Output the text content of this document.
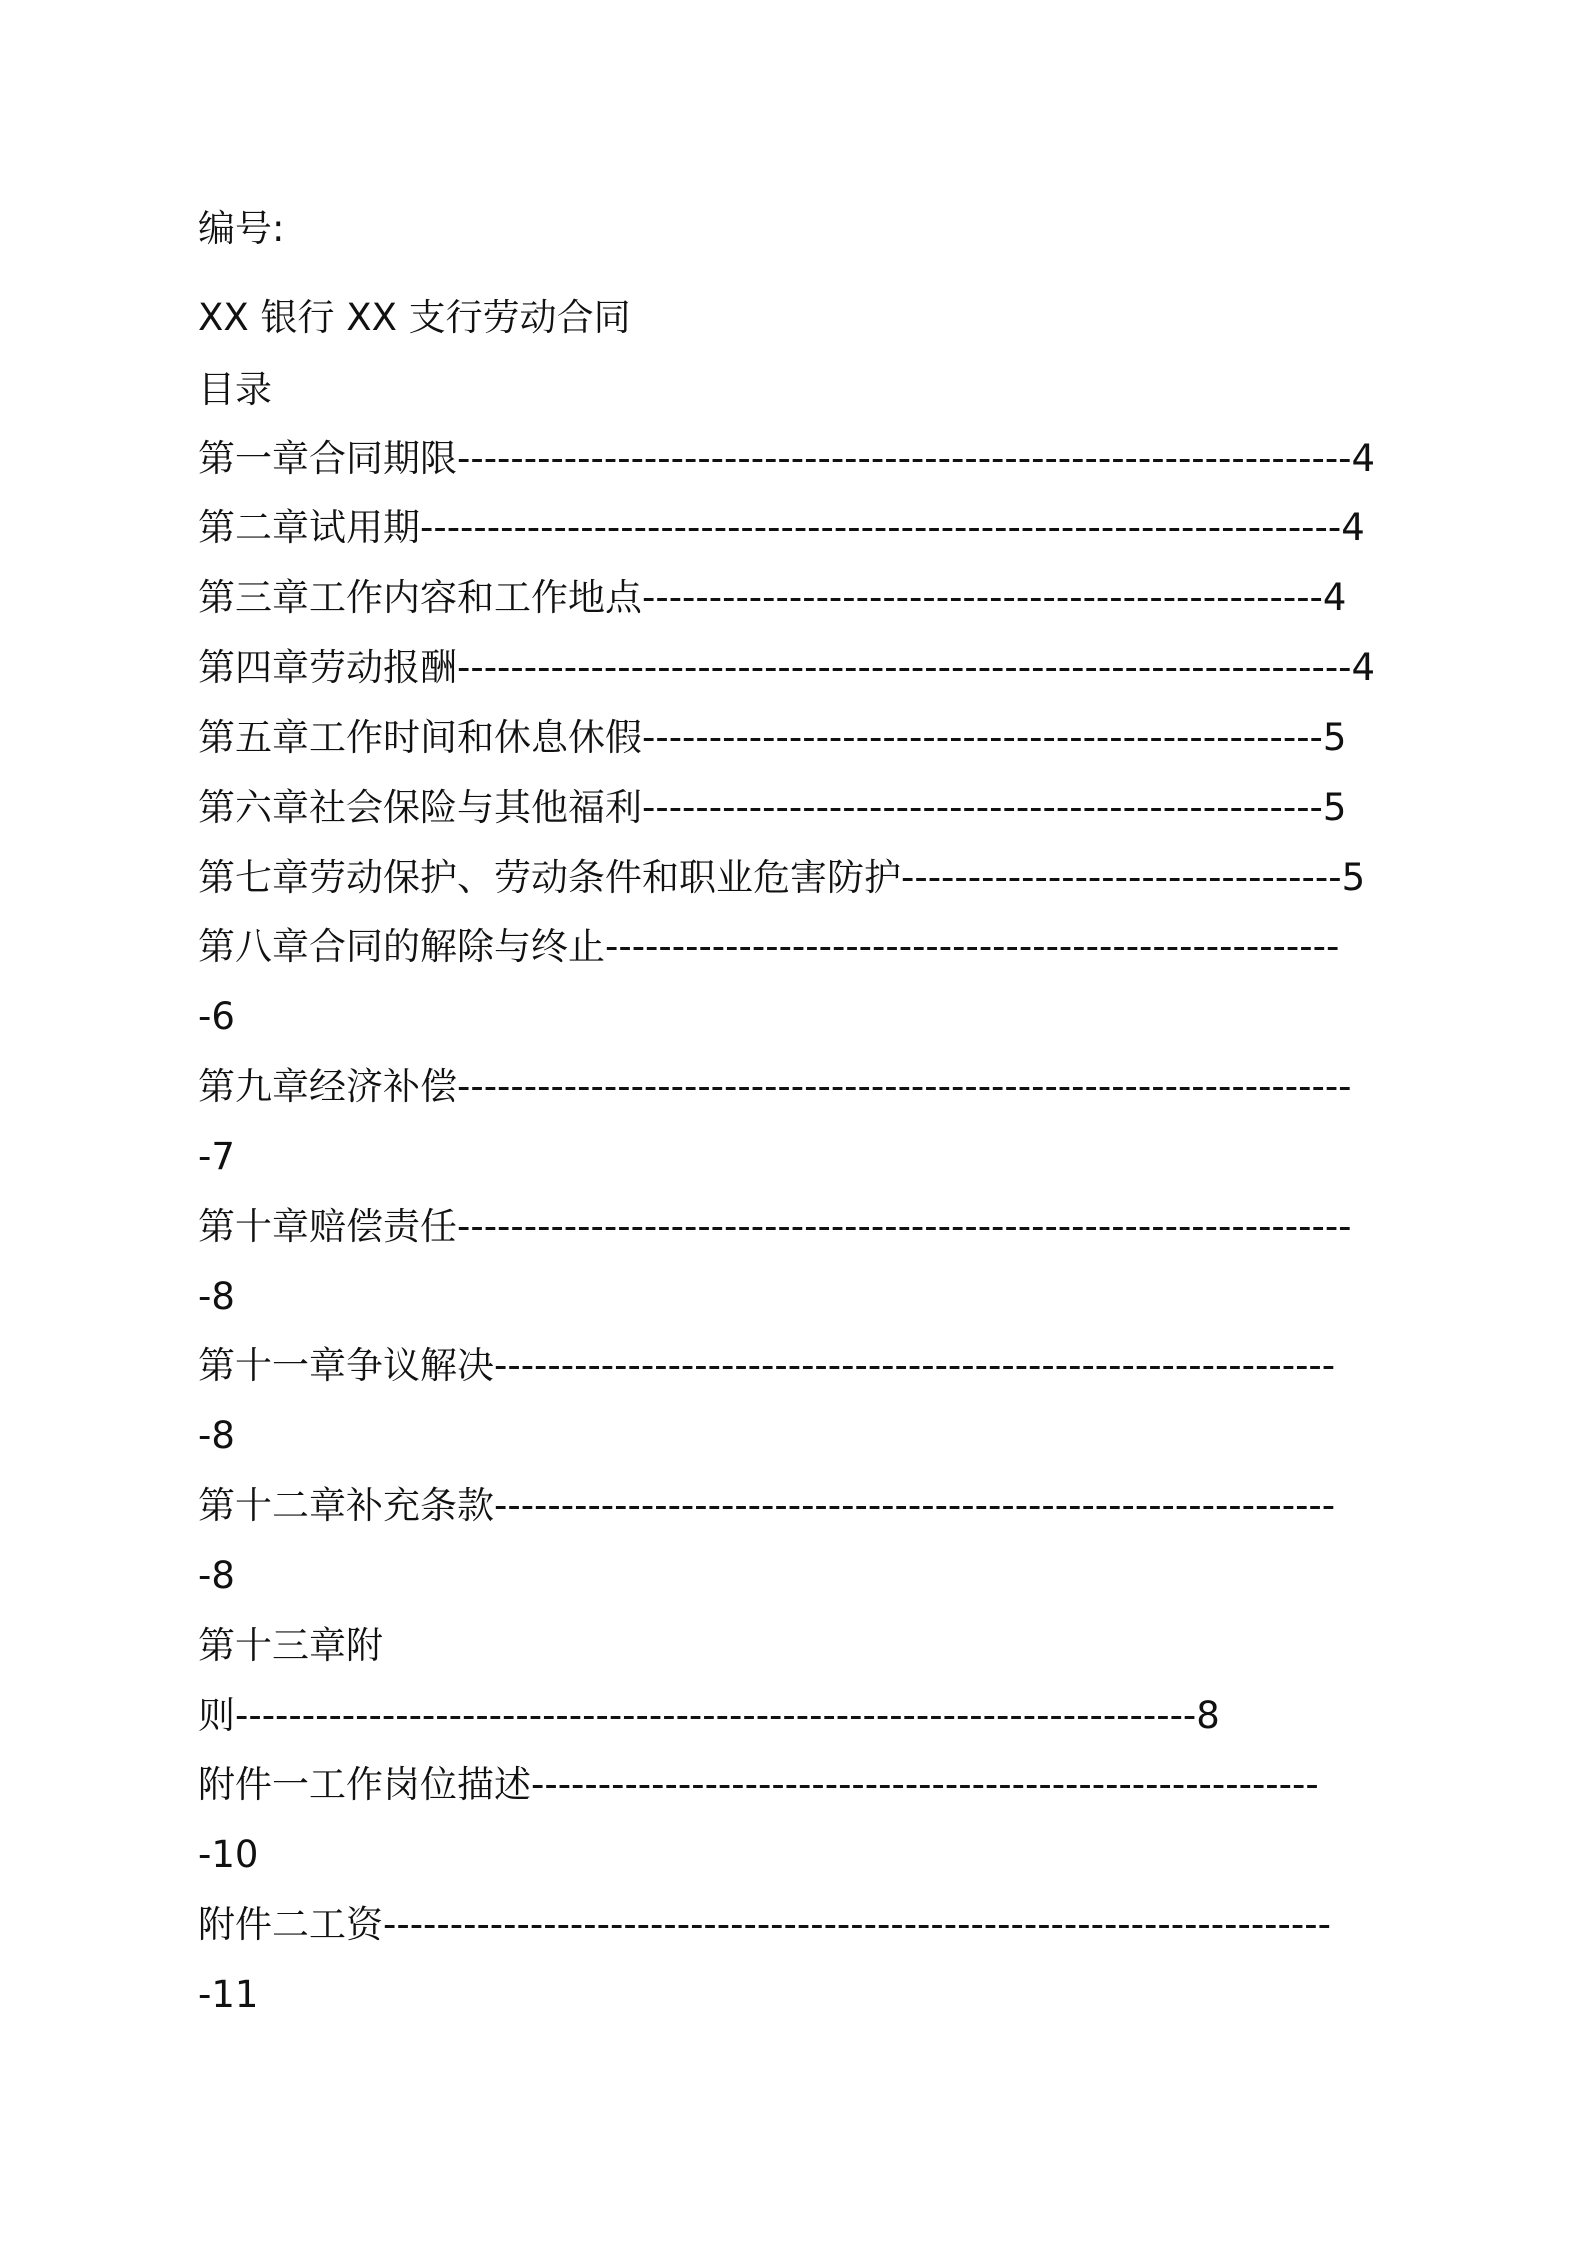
编号:
XX 银行 XX 支行劳动合同
目录
第一章合同期限-------------------------------------------------------------------4
第二章试用期---------------------------------------------------------------------4
第三章工作内容和工作地点---------------------------------------------------4
第四章劳动报酬-------------------------------------------------------------------4
第五章工作时间和休息休假---------------------------------------------------5
第六章社会保险与其他福利---------------------------------------------------5
第七章劳动保护、劳动条件和职业危害防护---------------------------------5
第八章合同的解除与终止-------------------------------------------------------
-6
第九章经济补偿-------------------------------------------------------------------
-7
第十章赔偿责任-------------------------------------------------------------------
-8
第十一章争议解决---------------------------------------------------------------
-8
第十二章补充条款---------------------------------------------------------------
-8
第十三章附
则------------------------------------------------------------------------8
附件一工作岗位描述-----------------------------------------------------------
-10
附件二工资-----------------------------------------------------------------------
-11
